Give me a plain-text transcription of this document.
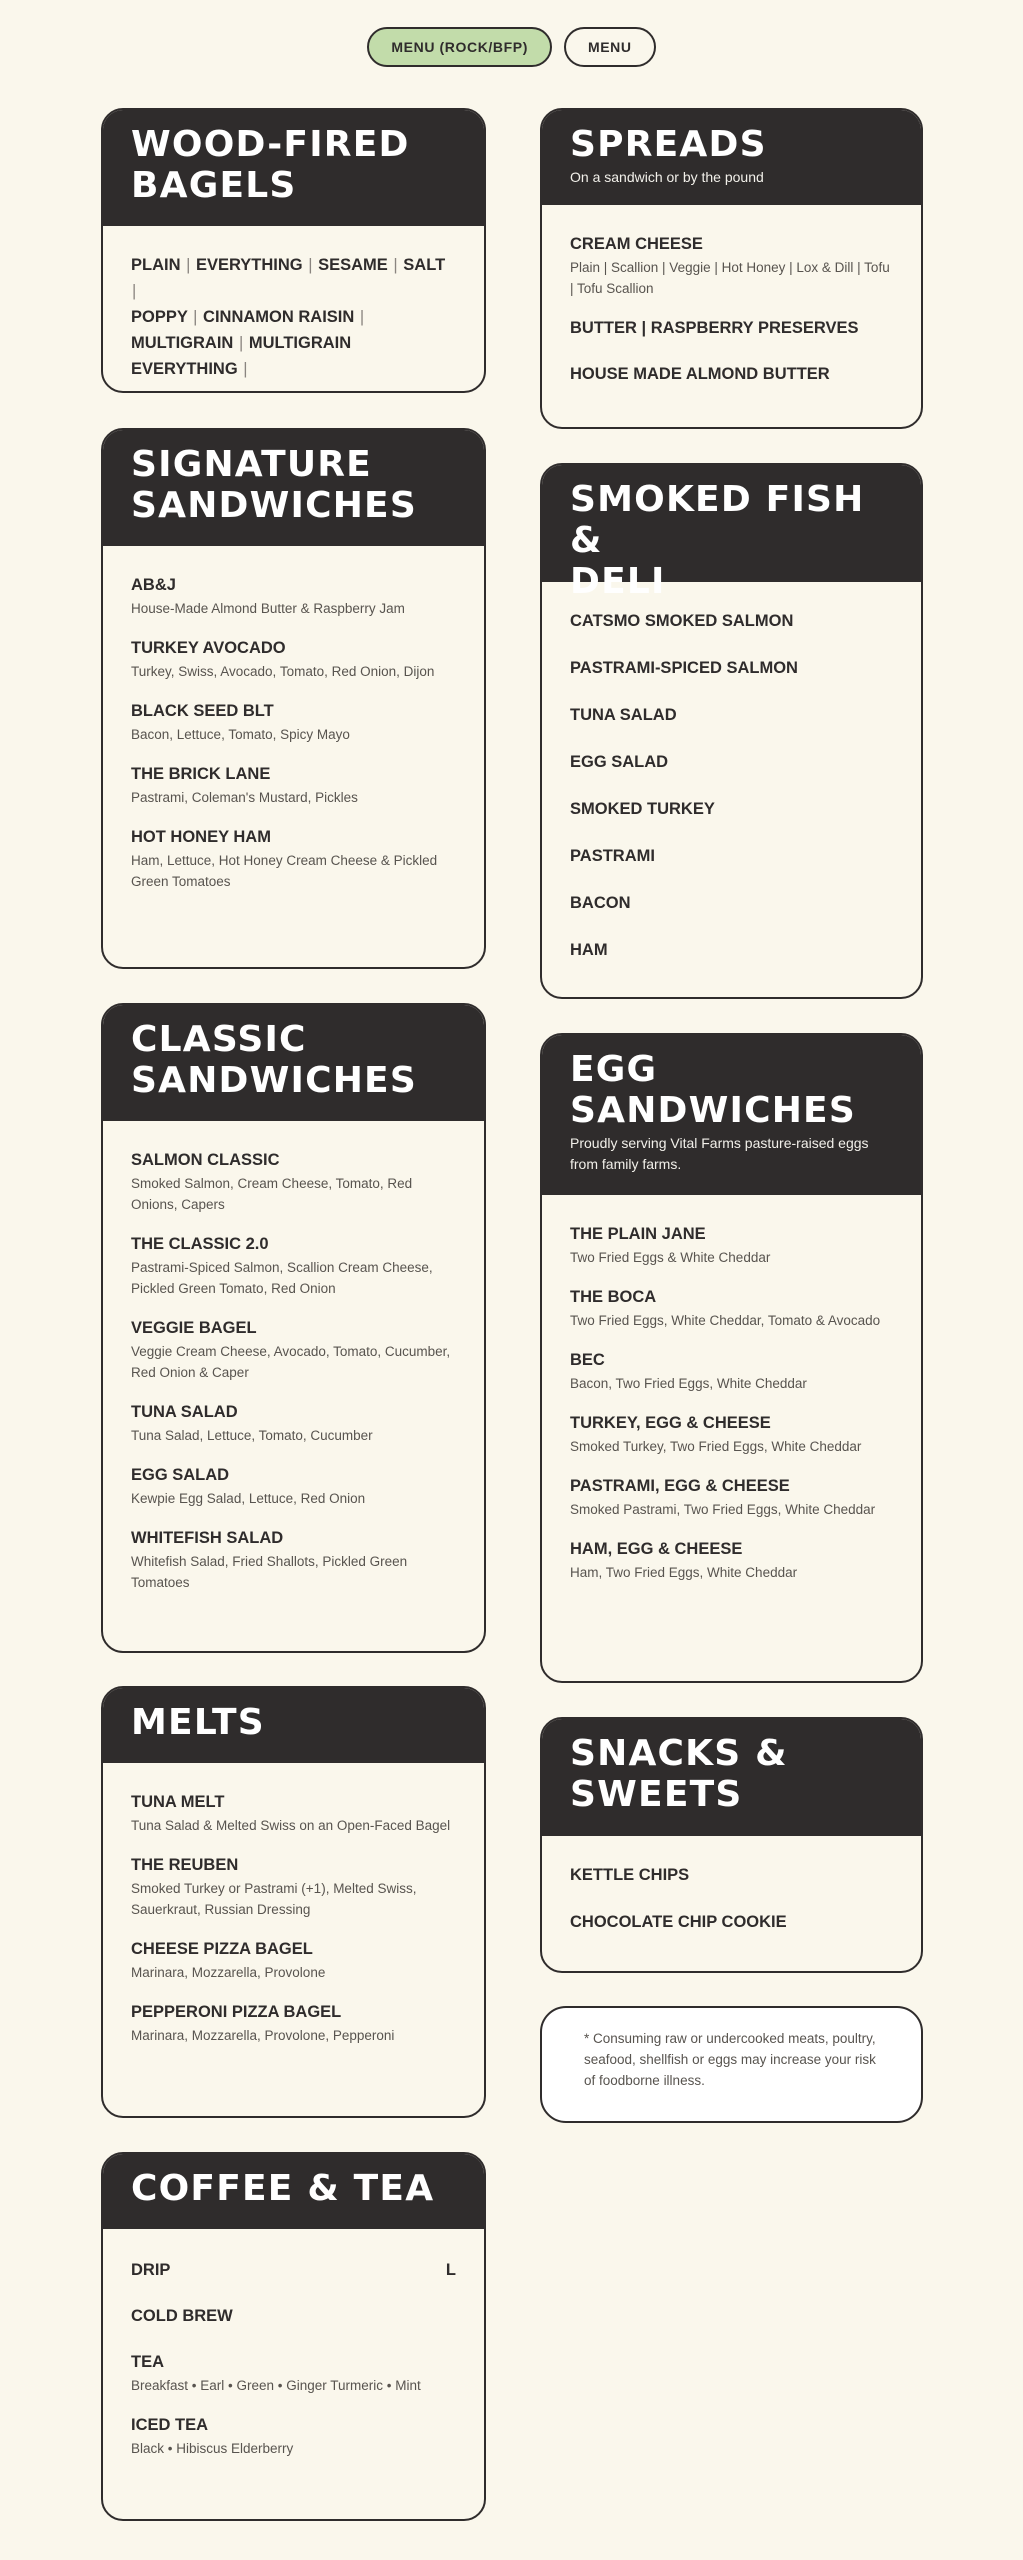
MENU (ROCK/BFP)	MENU
WOOD-FIRED
BAGELS
PLAIN | EVERYTHING | SESAME | SALT |
POPPY | CINNAMON RAISIN |
MULTIGRAIN | MULTIGRAIN EVERYTHING |
SIGNATURE
SANDWICHES
AB&J
House-Made Almond Butter & Raspberry Jam
TURKEY AVOCADO
Turkey, Swiss, Avocado, Tomato, Red Onion, Dijon
BLACK SEED BLT
Bacon, Lettuce, Tomato, Spicy Mayo
THE BRICK LANE
Pastrami, Coleman's Mustard, Pickles
HOT HONEY HAM
Ham, Lettuce, Hot Honey Cream Cheese & Pickled Green Tomatoes
CLASSIC
SANDWICHES
SALMON CLASSIC
Smoked Salmon, Cream Cheese, Tomato, Red Onions, Capers
THE CLASSIC 2.0
Pastrami-Spiced Salmon, Scallion Cream Cheese, Pickled Green Tomato, Red Onion
VEGGIE BAGEL
Veggie Cream Cheese, Avocado, Tomato, Cucumber, Red Onion & Caper
TUNA SALAD
Tuna Salad, Lettuce, Tomato, Cucumber
EGG SALAD
Kewpie Egg Salad, Lettuce, Red Onion
WHITEFISH SALAD
Whitefish Salad, Fried Shallots, Pickled Green Tomatoes
MELTS
TUNA MELT
Tuna Salad & Melted Swiss on an Open-Faced Bagel
THE REUBEN
Smoked Turkey or Pastrami (+1), Melted Swiss, Sauerkraut, Russian Dressing
CHEESE PIZZA BAGEL
Marinara, Mozzarella, Provolone
PEPPERONI PIZZA BAGEL
Marinara, Mozzarella, Provolone, Pepperoni
COFFEE & TEA
DRIP	L
COLD BREW
TEA
Breakfast • Earl • Green • Ginger Turmeric • Mint
ICED TEA
Black • Hibiscus Elderberry
SPREADS
On a sandwich or by the pound
CREAM CHEESE
Plain | Scallion | Veggie | Hot Honey | Lox & Dill | Tofu | Tofu Scallion
BUTTER | RASPBERRY PRESERVES
HOUSE MADE ALMOND BUTTER
SMOKED FISH &
DELI
CATSMO SMOKED SALMON
PASTRAMI-SPICED SALMON
TUNA SALAD
EGG SALAD
SMOKED TURKEY
PASTRAMI
BACON
HAM
EGG
SANDWICHES
Proudly serving Vital Farms pasture-raised eggs from family farms.
THE PLAIN JANE
Two Fried Eggs & White Cheddar
THE BOCA
Two Fried Eggs, White Cheddar, Tomato & Avocado
BEC
Bacon, Two Fried Eggs, White Cheddar
TURKEY, EGG & CHEESE
Smoked Turkey, Two Fried Eggs, White Cheddar
PASTRAMI, EGG & CHEESE
Smoked Pastrami, Two Fried Eggs, White Cheddar
HAM, EGG & CHEESE
Ham, Two Fried Eggs, White Cheddar
SNACKS &
SWEETS
KETTLE CHIPS
CHOCOLATE CHIP COOKIE
* Consuming raw or undercooked meats, poultry, seafood, shellfish or eggs may increase your risk of foodborne illness.
